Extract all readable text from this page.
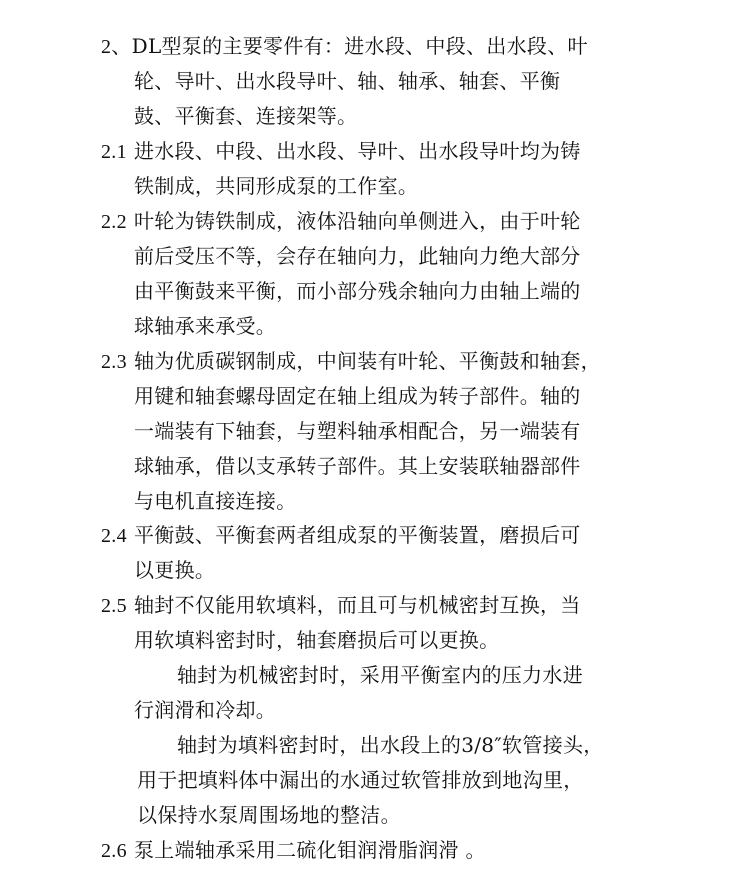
2、DL型泵的主要零件有：进水段、中段、出水段、叶
轮、导叶、出水段导叶、轴、轴承、轴套、平衡
鼓、平衡套、连接架等。
2.1 进水段、中段、出水段、导叶、出水段导叶均为铸
铁制成，共同形成泵的工作室。
2.2 叶轮为铸铁制成，液体沿轴向单侧进入，由于叶轮
前后受压不等，会存在轴向力，此轴向力绝大部分
由平衡鼓来平衡，而小部分残余轴向力由轴上端的
球轴承来承受。
2.3 轴为优质碳钢制成，中间装有叶轮、平衡鼓和轴套，
用键和轴套螺母固定在轴上组成为转子部件。轴的
一端装有下轴套，与塑料轴承相配合，另一端装有
球轴承，借以支承转子部件。其上安装联轴器部件
与电机直接连接。
2.4 平衡鼓、平衡套两者组成泵的平衡装置，磨损后可
以更换。
2.5 轴封不仅能用软填料，而且可与机械密封互换，当
用软填料密封时，轴套磨损后可以更换。
轴封为机械密封时，采用平衡室内的压力水进
行润滑和冷却。
轴封为填料密封时，出水段上的3/8″软管接头，
用于把填料体中漏出的水通过软管排放到地沟里，
以保持水泵周围场地的整洁。
2.6 泵上端轴承采用二硫化钼润滑脂润滑 。
